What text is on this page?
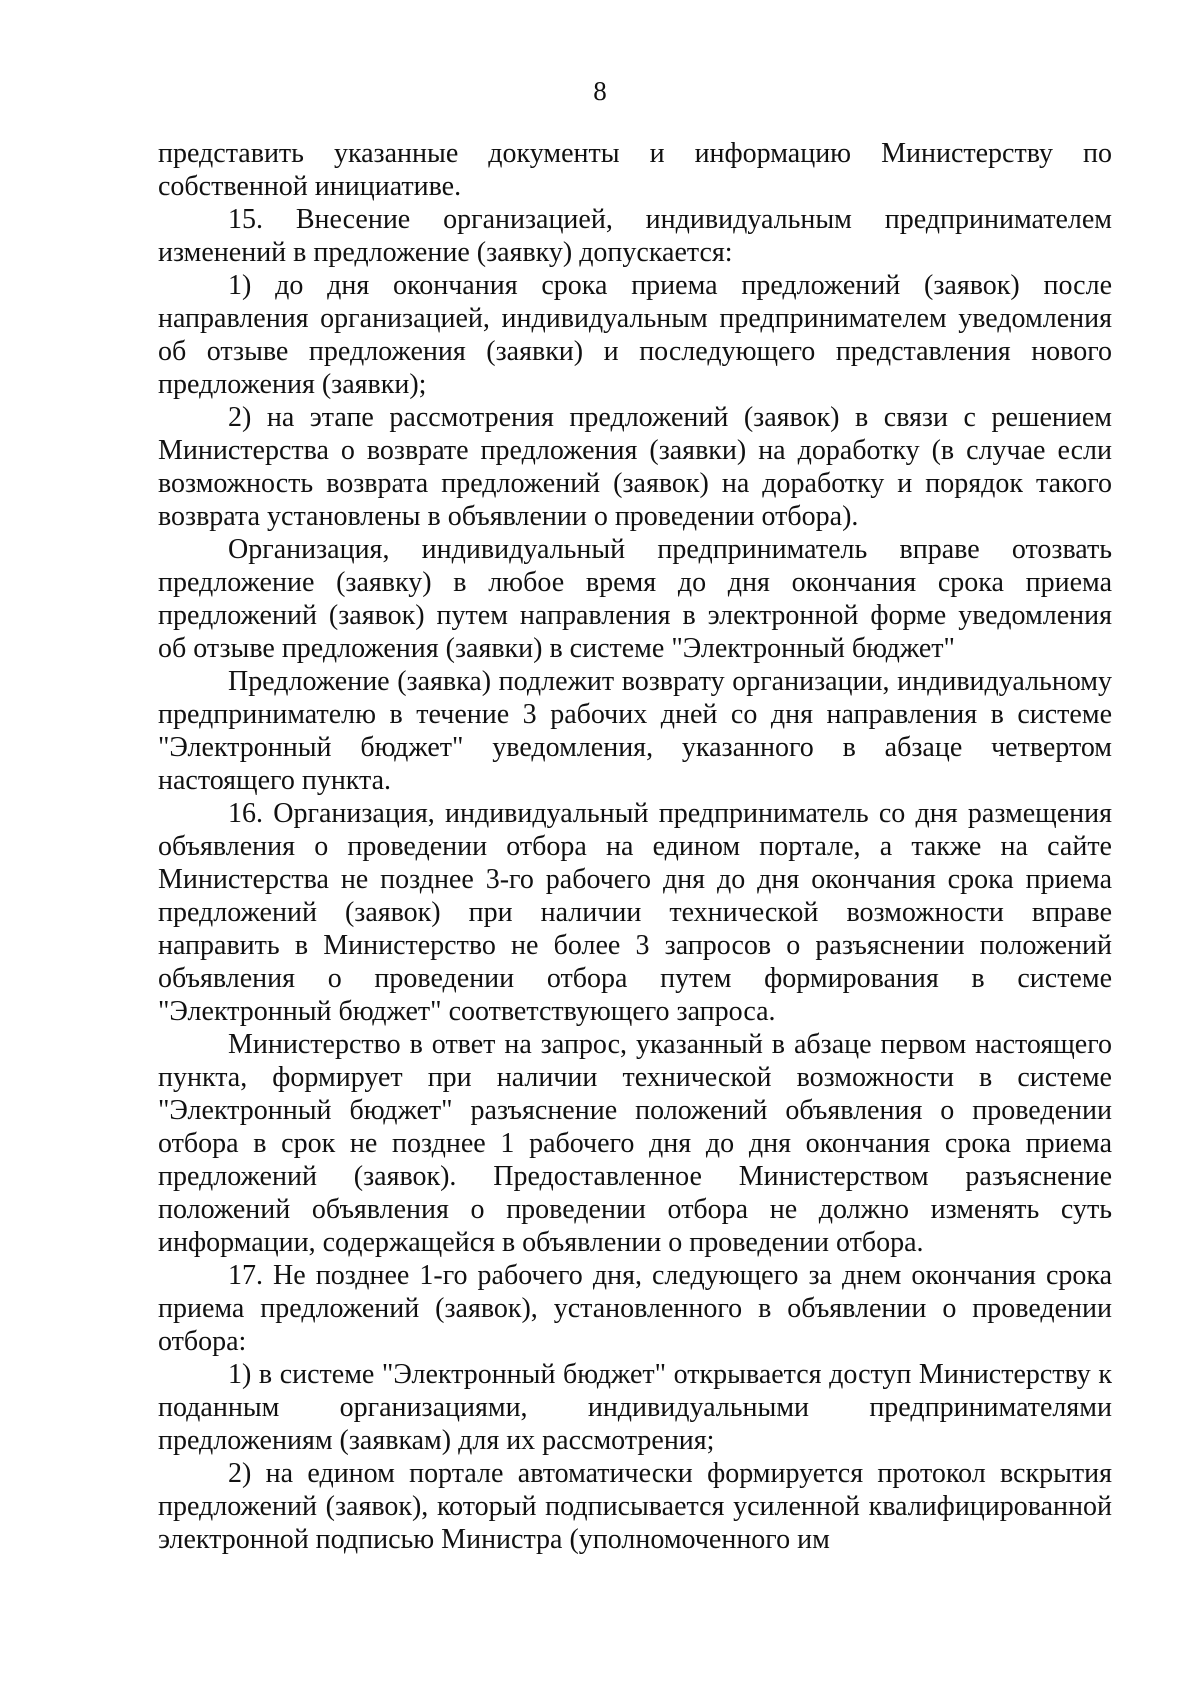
8

представить указанные документы и информацию Министерству по собственной инициативе.

15. Внесение организацией, индивидуальным предпринимателем изменений в предложение (заявку) допускается:

1) до дня окончания срока приема предложений (заявок) после направления организацией, индивидуальным предпринимателем уведомления об отзыве предложения (заявки) и последующего представления нового предложения (заявки);

2) на этапе рассмотрения предложений (заявок) в связи с решением Министерства о возврате предложения (заявки) на доработку (в случае если возможность возврата предложений (заявок) на доработку и порядок такого возврата установлены в объявлении о проведении отбора).

Организация, индивидуальный предприниматель вправе отозвать предложение (заявку) в любое время до дня окончания срока приема предложений (заявок) путем направления в электронной форме уведомления об отзыве предложения (заявки) в системе "Электронный бюджет"

Предложение (заявка) подлежит возврату организации, индивидуальному предпринимателю в течение 3 рабочих дней со дня направления в системе "Электронный бюджет" уведомления, указанного в абзаце четвертом настоящего пункта.

16. Организация, индивидуальный предприниматель со дня размещения объявления о проведении отбора на едином портале, а также на сайте Министерства не позднее 3-го рабочего дня до дня окончания срока приема предложений (заявок) при наличии технической возможности вправе направить в Министерство не более 3 запросов о разъяснении положений объявления о проведении отбора путем формирования в системе "Электронный бюджет" соответствующего запроса.

Министерство в ответ на запрос, указанный в абзаце первом настоящего пункта, формирует при наличии технической возможности в системе "Электронный бюджет" разъяснение положений объявления о проведении отбора в срок не позднее 1 рабочего дня до дня окончания срока приема предложений (заявок). Предоставленное Министерством разъяснение положений объявления о проведении отбора не должно изменять суть информации, содержащейся в объявлении о проведении отбора.

17. Не позднее 1-го рабочего дня, следующего за днем окончания срока приема предложений (заявок), установленного в объявлении о проведении отбора:

1) в системе "Электронный бюджет" открывается доступ Министерству к поданным организациями, индивидуальными предпринимателями предложениям (заявкам) для их рассмотрения;

2) на едином портале автоматически формируется протокол вскрытия предложений (заявок), который подписывается усиленной квалифицированной электронной подписью Министра (уполномоченного им
